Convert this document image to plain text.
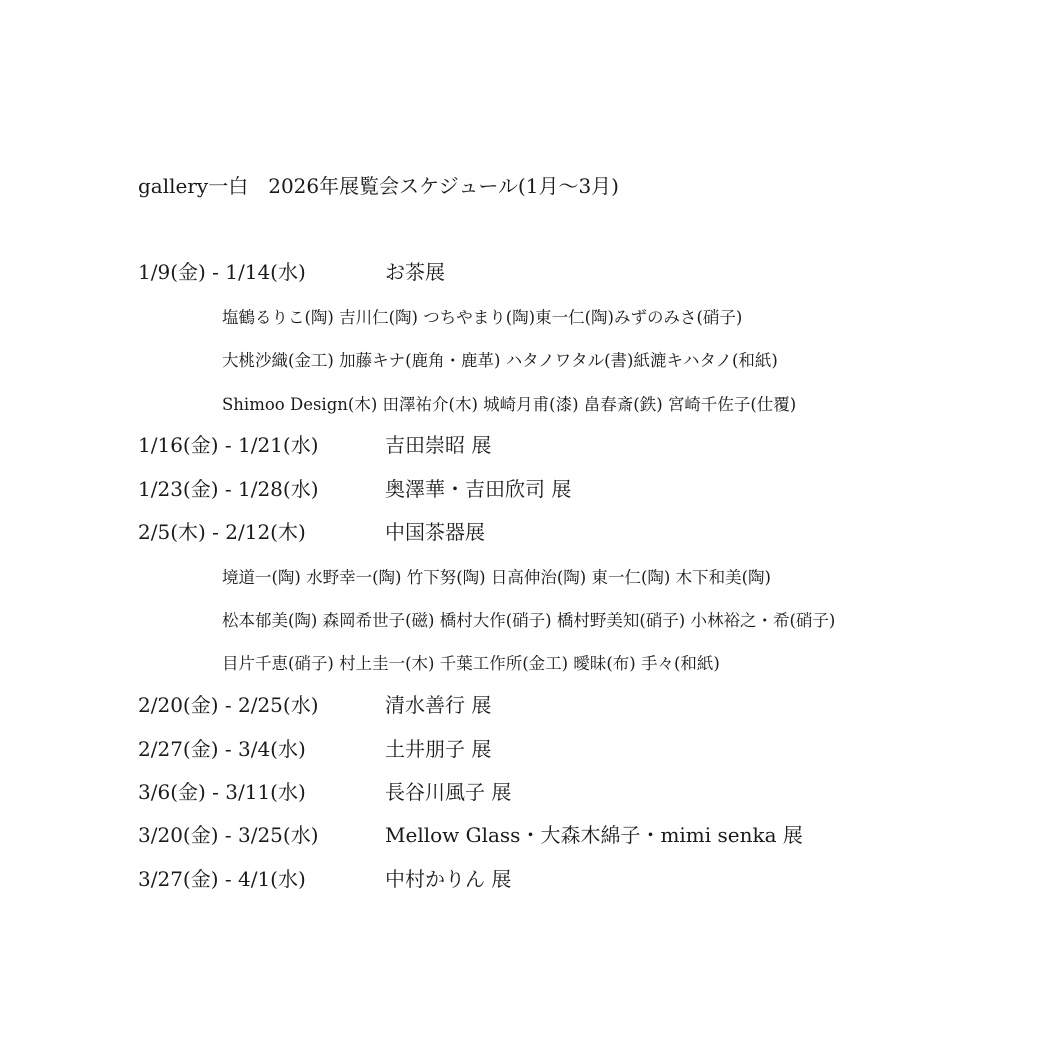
gallery一白　2026年展覧会スケジュール(1月〜3月)
1/9(金) - 1/14(水)	お茶展
塩鶴るりこ(陶) 吉川仁(陶) つちやまり(陶)東一仁(陶)みずのみさ(硝子)
大桃沙織(金工) 加藤キナ(鹿角・鹿革) ハタノワタル(書)紙漉キハタノ(和紙)
Shimoo Design(木) 田澤祐介(木) 城崎月甫(漆) 畠春斎(鉄) 宮崎千佐子(仕覆)
1/16(金) - 1/21(水)	吉田崇昭 展
1/23(金) - 1/28(水)	奥澤華・吉田欣司 展
2/5(木) - 2/12(木)	中国茶器展
境道一(陶) 水野幸一(陶) 竹下努(陶) 日高伸治(陶) 東一仁(陶) 木下和美(陶)
松本郁美(陶) 森岡希世子(磁) 橋村大作(硝子) 橋村野美知(硝子) 小林裕之・希(硝子)
目片千恵(硝子) 村上圭一(木) 千葉工作所(金工) 曖昧(布) 手々(和紙)
2/20(金) - 2/25(水)	清水善行 展
2/27(金) - 3/4(水)	土井朋子 展
3/6(金) - 3/11(水)	長谷川風子 展
3/20(金) - 3/25(水)	Mellow Glass・大森木綿子・mimi senka 展
3/27(金) - 4/1(水)	中村かりん 展
